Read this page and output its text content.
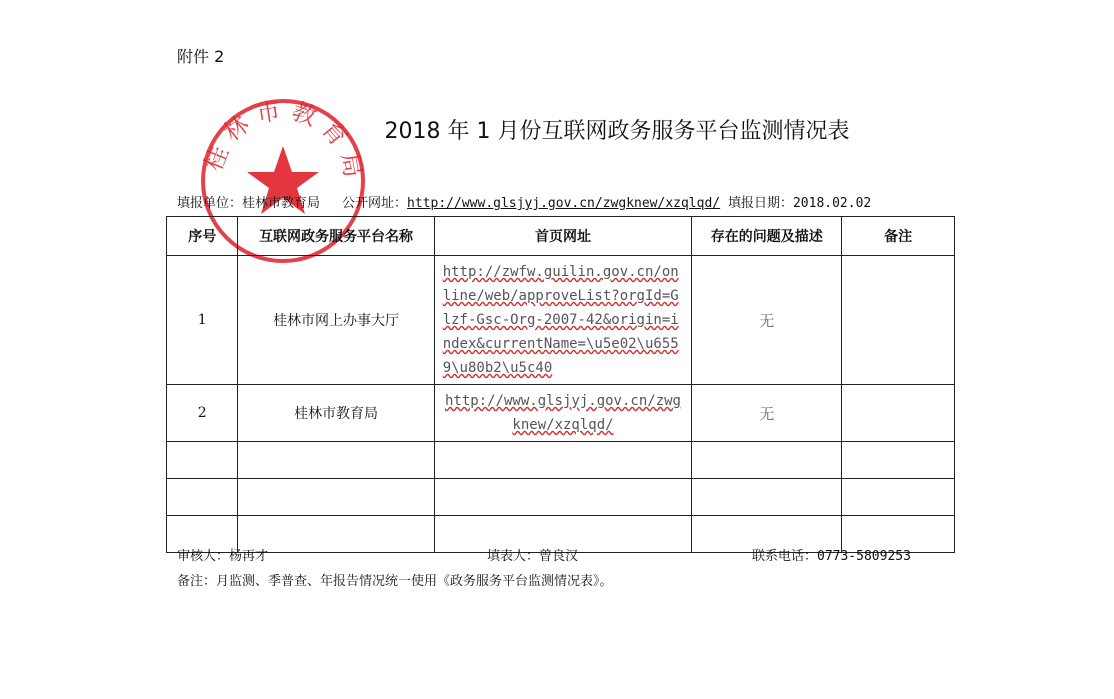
附件 2
桂林市教育局
2018 年 1 月份互联网政务服务平台监测情况表
填报单位：桂林市教育局 公开网址：http://www.glsjyj.gov.cn/zwgknew/xzqlqd/ 填报日期：2018.02.02
序号	互联网政务服务平台名称	首页网址	存在的问题及描述	备注
1	桂林市网上办事大厅	http://zwfw.guilin.gov.cn/online/web/approveList?orgId=Glzf-Gsc-Org-2007-42&origin=index&currentName=\u5e02\u6559\u80b2\u5c40	无	
2	桂林市教育局	http://www.glsjyj.gov.cn/zwgknew/xzqlqd/	无	

审核人：杨再才	填表人：曾良汉	联系电话：0773-5809253
备注：月监测、季普查、年报告情况统一使用《政务服务平台监测情况表》。
